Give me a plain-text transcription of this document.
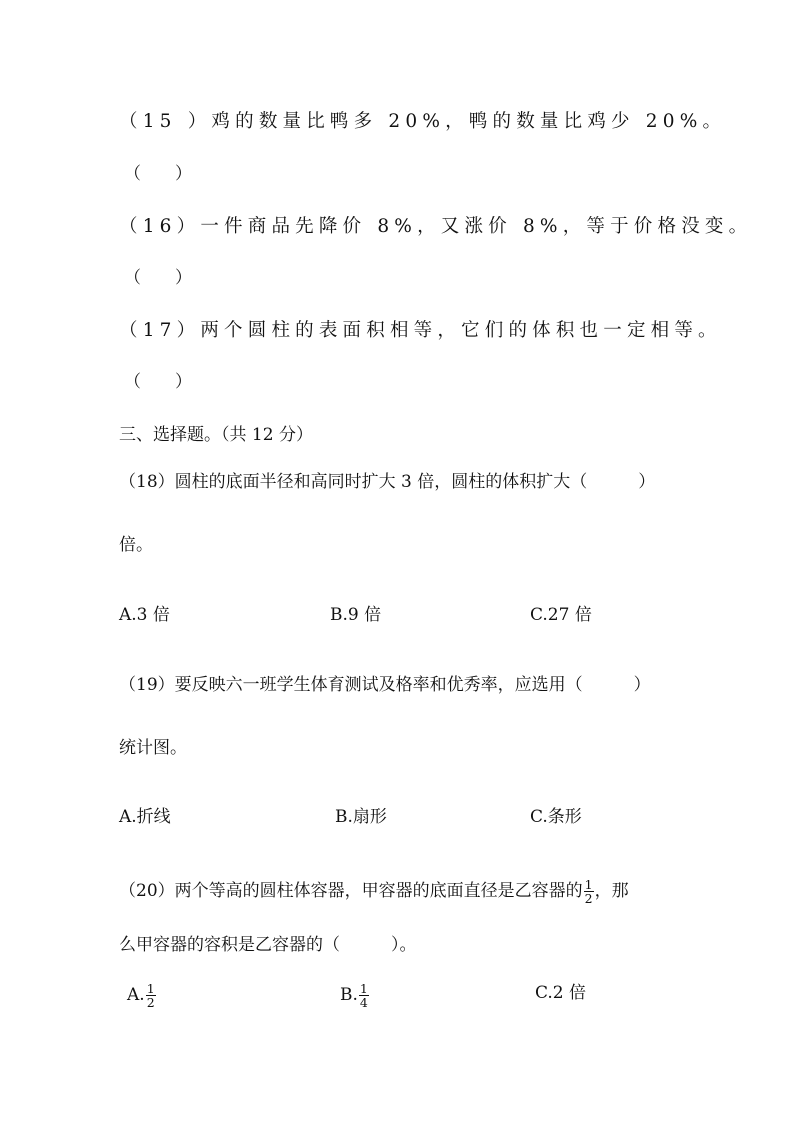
（15 ）鸡的数量比鸭多 20%，鸭的数量比鸡少 20%。
（　　）
（16）一件商品先降价 8%，又涨价 8%，等于价格没变。
（　　）
（17）两个圆柱的表面积相等，它们的体积也一定相等。
（　　）
三、选择题。（共 12 分）
（18）圆柱的底面半径和高同时扩大 3 倍，圆柱的体积扩大（　　　）
倍。
A.3 倍	B.9 倍	C.27 倍
（19）要反映六一班学生体育测试及格率和优秀率，应选用（　　　）
统计图。
A.折线	B.扇形	C.条形
（20）两个等高的圆柱体容器，甲容器的底面直径是乙容器的 $\frac{1}{2}$ ，那
么甲容器的容积是乙容器的（　　　）。
A. $\frac{1}{2}$	B. $\frac{1}{4}$	C.2 倍
